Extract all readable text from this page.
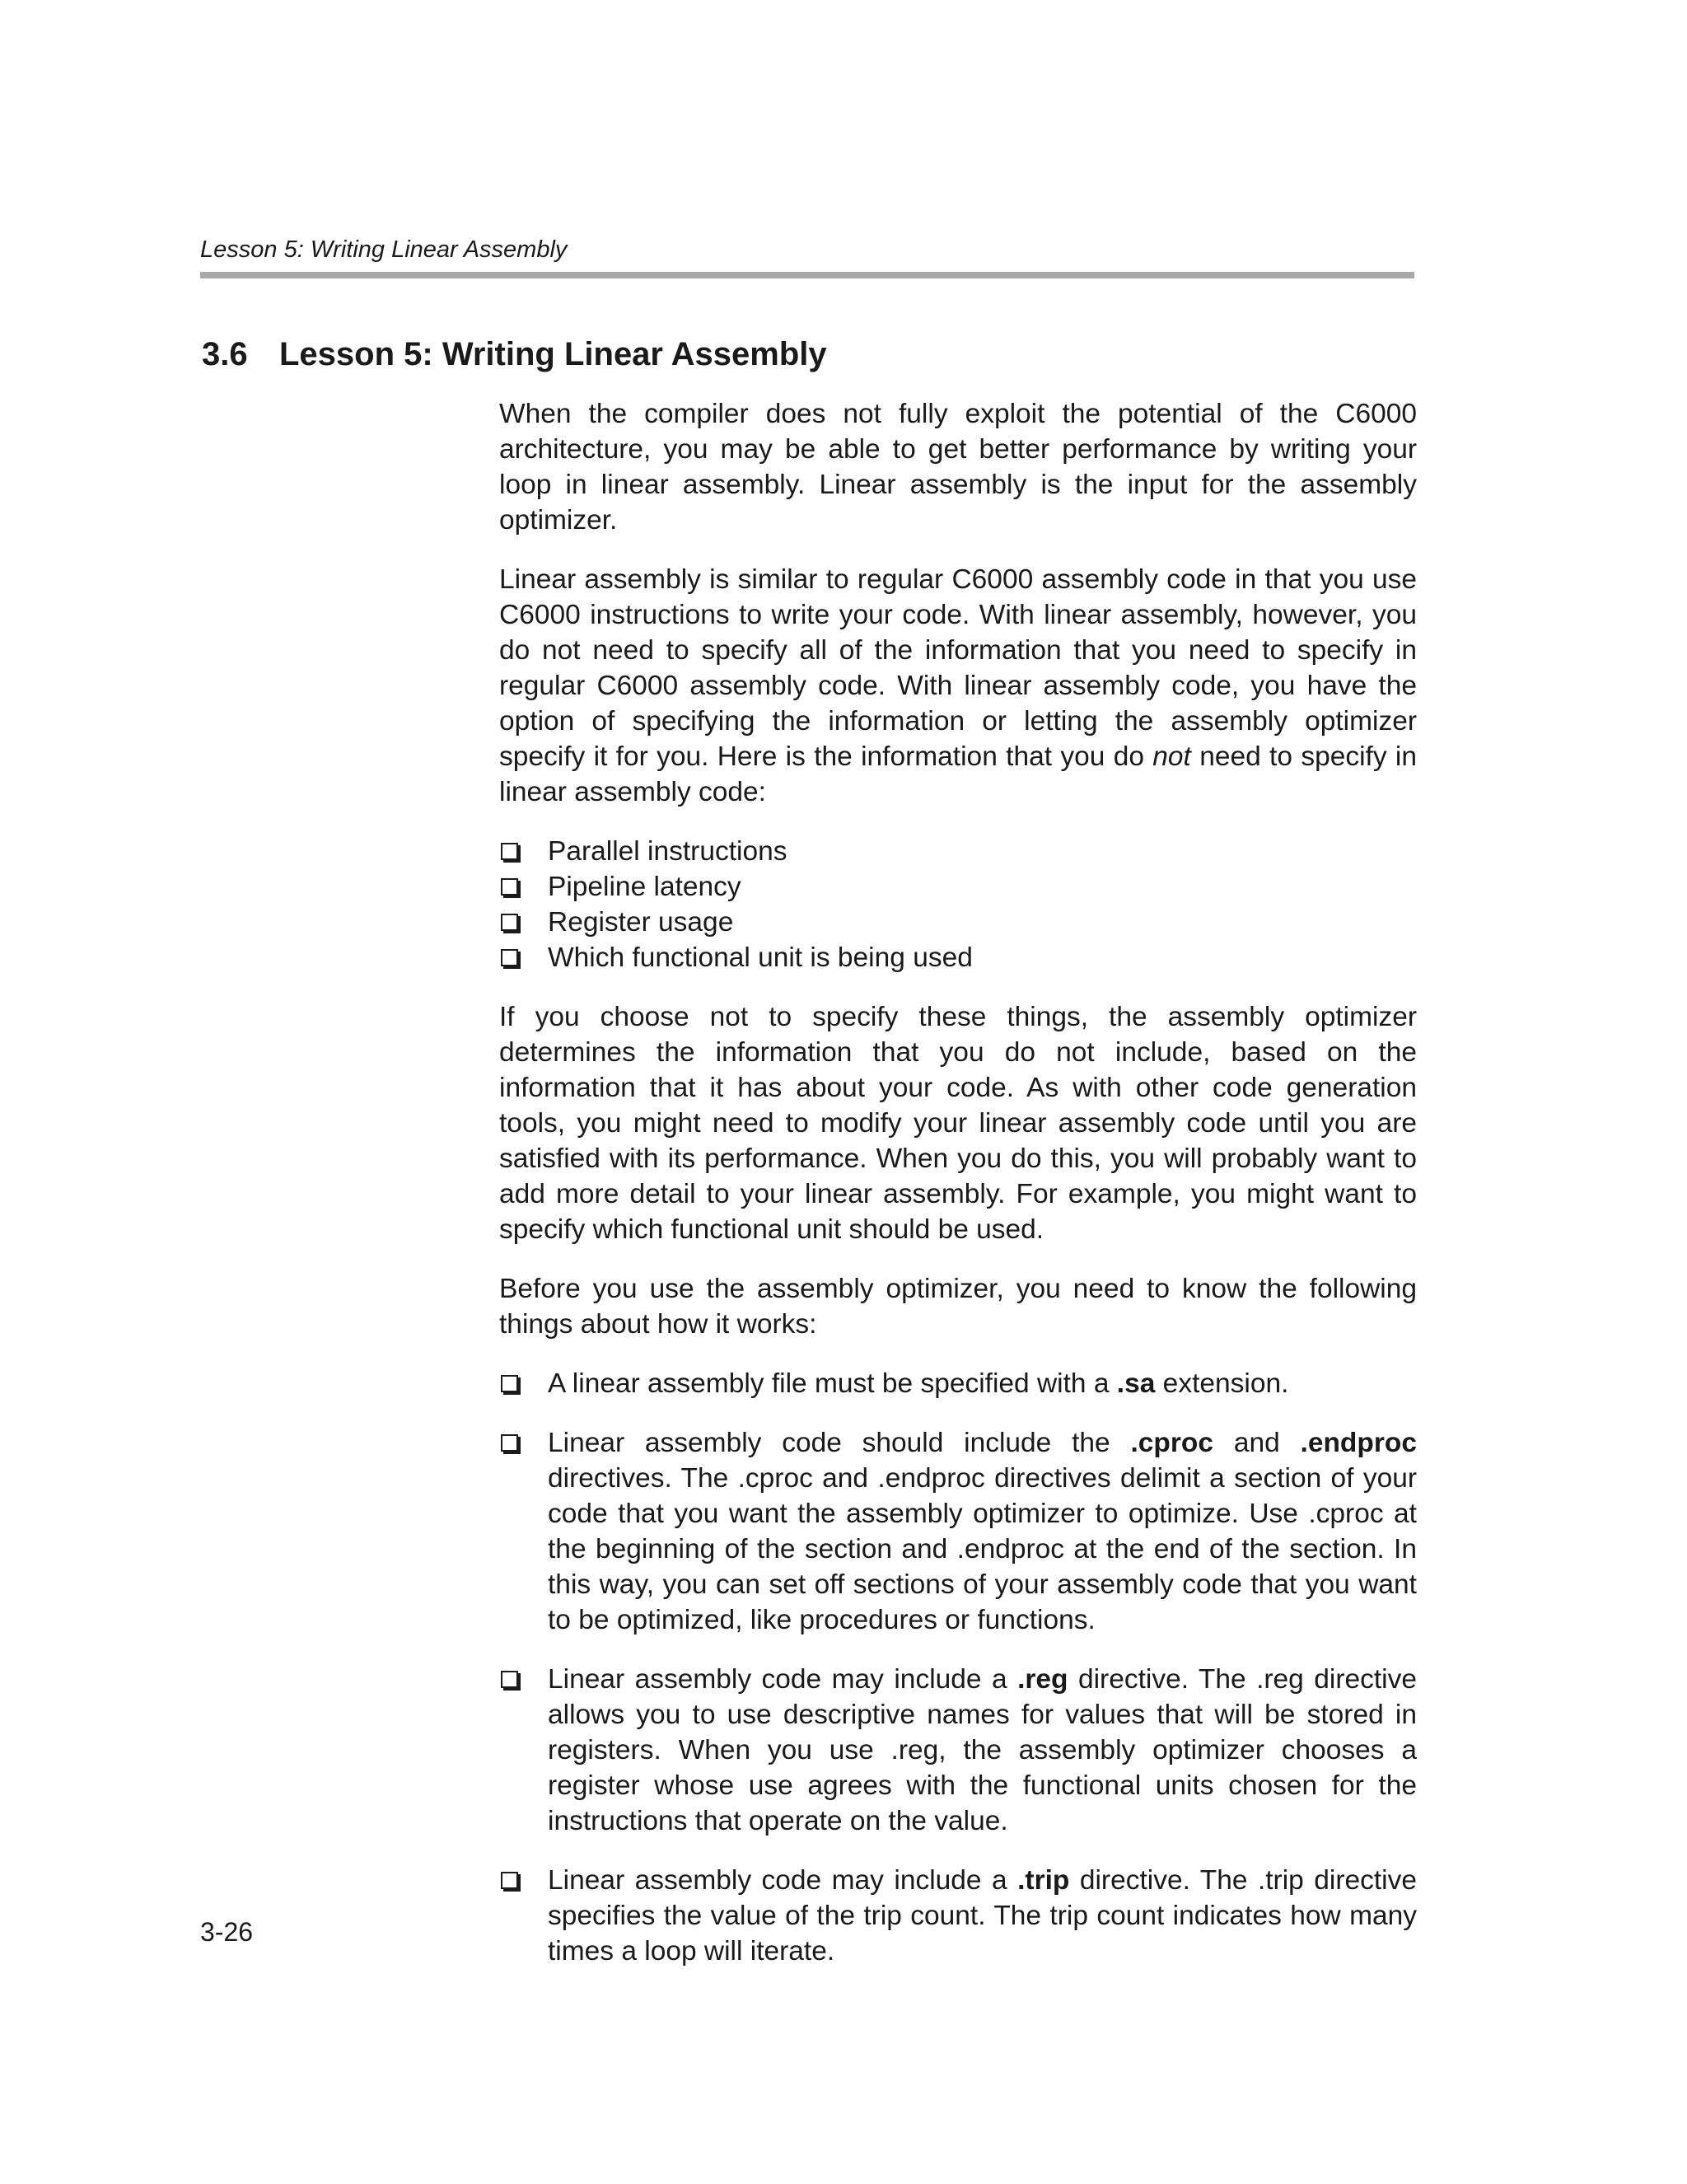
Lesson 5: Writing Linear Assembly
3.6 Lesson 5: Writing Linear Assembly

When the compiler does not fully exploit the potential of the C6000 architecture, you may be able to get better performance by writing your loop in linear assembly. Linear assembly is the input for the assembly optimizer.

Linear assembly is similar to regular C6000 assembly code in that you use C6000 instructions to write your code. With linear assembly, however, you do not need to specify all of the information that you need to specify in regular C6000 assembly code. With linear assembly code, you have the option of specifying the information or letting the assembly optimizer specify it for you. Here is the information that you do not need to specify in linear assembly code:

Parallel instructions
Pipeline latency
Register usage
Which functional unit is being used

If you choose not to specify these things, the assembly optimizer determines the information that you do not include, based on the information that it has about your code. As with other code generation tools, you might need to modify your linear assembly code until you are satisfied with its performance. When you do this, you will probably want to add more detail to your linear assembly. For example, you might want to specify which functional unit should be used.

Before you use the assembly optimizer, you need to know the following things about how it works:

A linear assembly file must be specified with a .sa extension.
Linear assembly code should include the .cproc and .endproc directives. The .cproc and .endproc directives delimit a section of your code that you want the assembly optimizer to optimize. Use .cproc at the beginning of the section and .endproc at the end of the section. In this way, you can set off sections of your assembly code that you want to be optimized, like procedures or functions.
Linear assembly code may include a .reg directive. The .reg directive allows you to use descriptive names for values that will be stored in registers. When you use .reg, the assembly optimizer chooses a register whose use agrees with the functional units chosen for the instructions that operate on the value.
Linear assembly code may include a .trip directive. The .trip directive specifies the value of the trip count. The trip count indicates how many times a loop will iterate.
3-26
